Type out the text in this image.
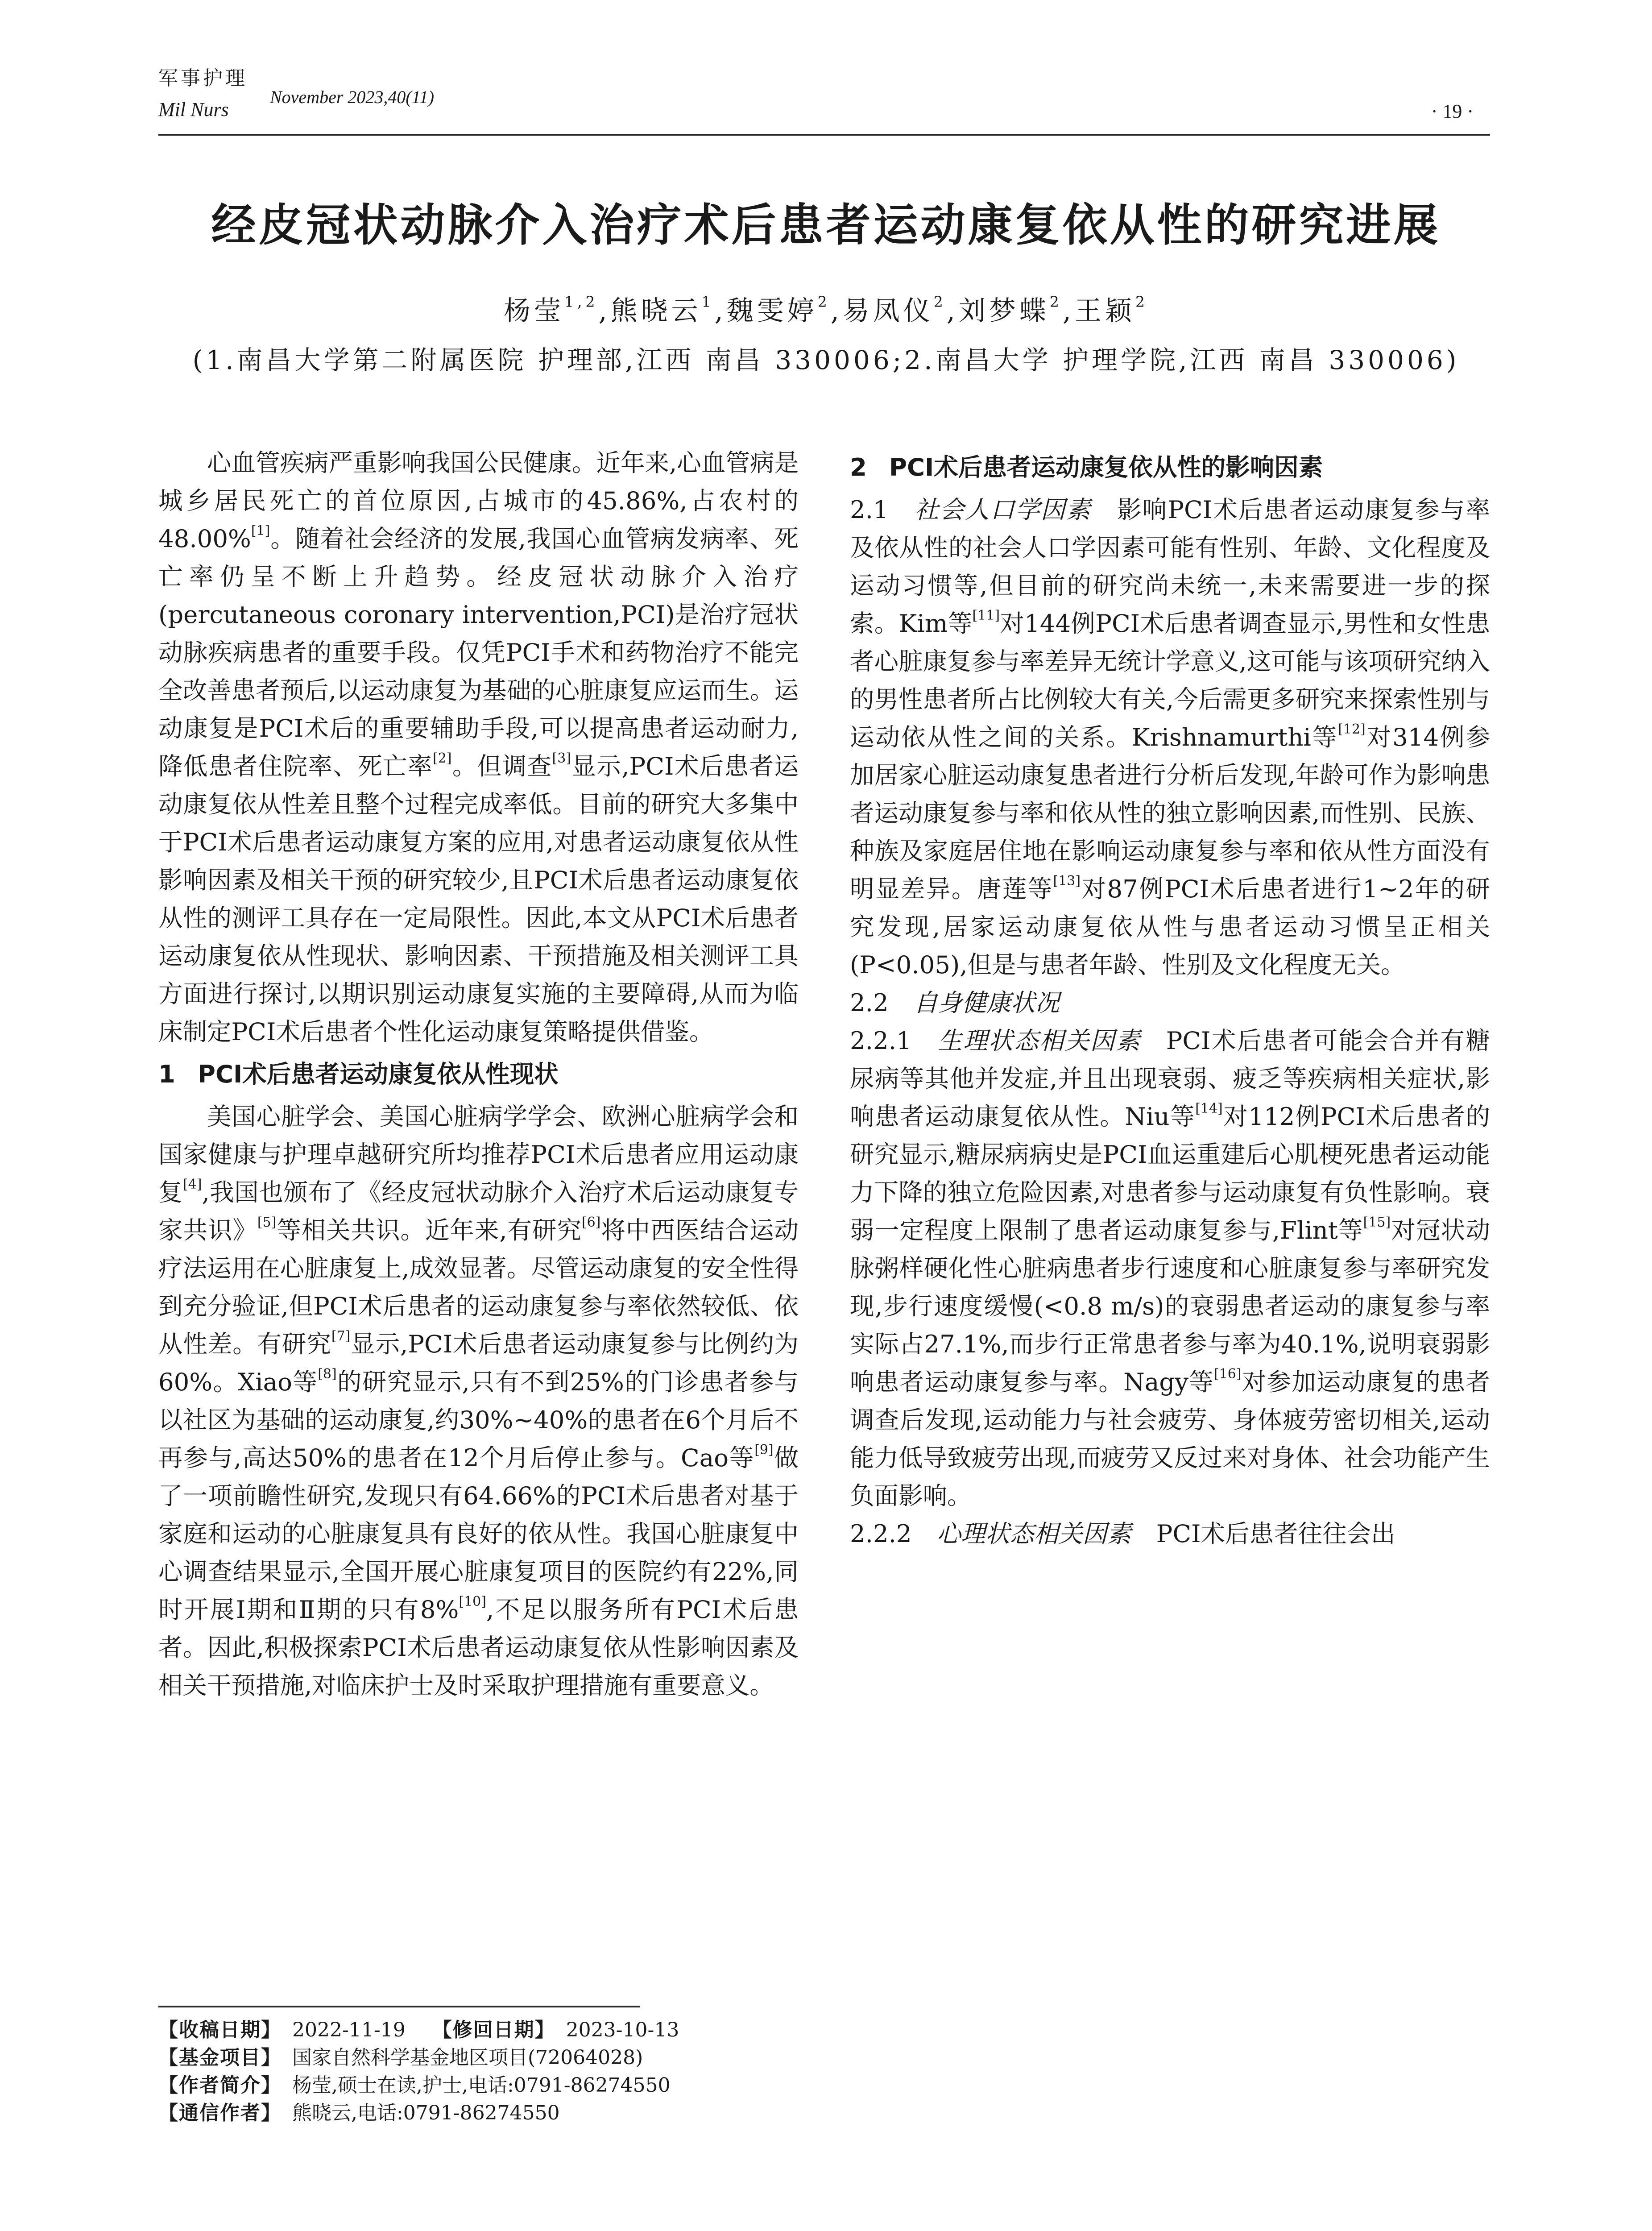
军事护理
Mil Nurs
November 2023,40(11)
· 19 ·
经皮冠状动脉介入治疗术后患者运动康复依从性的研究进展
杨莹$^{1,2}$,熊晓云$^1$,魏雯婷$^2$,易凤仪$^2$,刘梦蝶$^2$,王颖$^2$
(1.南昌大学第二附属医院 护理部,江西 南昌 330006;2.南昌大学 护理学院,江西 南昌 330006)

心血管疾病严重影响我国公民健康。近年来,心血管病是城乡居民死亡的首位原因,占城市的45.86%,占农村的48.00%[1]。随着社会经济的发展,我国心血管病发病率、死亡率仍呈不断上升趋势。经皮冠状动脉介入治疗(percutaneous coronary intervention,PCI)是治疗冠状动脉疾病患者的重要手段。仅凭PCI手术和药物治疗不能完全改善患者预后,以运动康复为基础的心脏康复应运而生。运动康复是PCI术后的重要辅助手段,可以提高患者运动耐力,降低患者住院率、死亡率[2]。但调查[3]显示,PCI术后患者运动康复依从性差且整个过程完成率低。目前的研究大多集中于PCI术后患者运动康复方案的应用,对患者运动康复依从性影响因素及相关干预的研究较少,且PCI术后患者运动康复依从性的测评工具存在一定局限性。因此,本文从PCI术后患者运动康复依从性现状、影响因素、干预措施及相关测评工具方面进行探讨,以期识别运动康复实施的主要障碍,从而为临床制定PCI术后患者个性化运动康复策略提供借鉴。

1 PCI术后患者运动康复依从性现状

美国心脏学会、美国心脏病学学会、欧洲心脏病学会和国家健康与护理卓越研究所均推荐PCI术后患者应用运动康复[4],我国也颁布了《经皮冠状动脉介入治疗术后运动康复专家共识》[5]等相关共识。近年来,有研究[6]将中西医结合运动疗法运用在心脏康复上,成效显著。尽管运动康复的安全性得到充分验证,但PCI术后患者的运动康复参与率依然较低、依从性差。有研究[7]显示,PCI术后患者运动康复参与比例约为60%。Xiao等[8]的研究显示,只有不到25%的门诊患者参与以社区为基础的运动康复,约30%~40%的患者在6个月后不再参与,高达50%的患者在12个月后停止参与。Cao等[9]做了一项前瞻性研究,发现只有64.66%的PCI术后患者对基于家庭和运动的心脏康复具有良好的依从性。我国心脏康复中心调查结果显示,全国开展心脏康复项目的医院约有22%,同时开展Ⅰ期和Ⅱ期的只有8%[10],不足以服务所有PCI术后患者。因此,积极探索PCI术后患者运动康复依从性影响因素及相关干预措施,对临床护士及时采取护理措施有重要意义。

2 PCI术后患者运动康复依从性的影响因素

2.1 社会人口学因素 影响PCI术后患者运动康复参与率及依从性的社会人口学因素可能有性别、年龄、文化程度及运动习惯等,但目前的研究尚未统一,未来需要进一步的探索。Kim等[11]对144例PCI术后患者调查显示,男性和女性患者心脏康复参与率差异无统计学意义,这可能与该项研究纳入的男性患者所占比例较大有关,今后需更多研究来探索性别与运动依从性之间的关系。Krishnamurthi等[12]对314例参加居家心脏运动康复患者进行分析后发现,年龄可作为影响患者运动康复参与率和依从性的独立影响因素,而性别、民族、种族及家庭居住地在影响运动康复参与率和依从性方面没有明显差异。唐莲等[13]对87例PCI术后患者进行1~2年的研究发现,居家运动康复依从性与患者运动习惯呈正相关(P<0.05),但是与患者年龄、性别及文化程度无关。

2.2 自身健康状况

2.2.1 生理状态相关因素 PCI术后患者可能会合并有糖尿病等其他并发症,并且出现衰弱、疲乏等疾病相关症状,影响患者运动康复依从性。Niu等[14]对112例PCI术后患者的研究显示,糖尿病病史是PCI血运重建后心肌梗死患者运动能力下降的独立危险因素,对患者参与运动康复有负性影响。衰弱一定程度上限制了患者运动康复参与,Flint等[15]对冠状动脉粥样硬化性心脏病患者步行速度和心脏康复参与率研究发现,步行速度缓慢(<0.8 m/s)的衰弱患者运动的康复参与率实际占27.1%,而步行正常患者参与率为40.1%,说明衰弱影响患者运动康复参与率。Nagy等[16]对参加运动康复的患者调查后发现,运动能力与社会疲劳、身体疲劳密切相关,运动能力低导致疲劳出现,而疲劳又反过来对身体、社会功能产生负面影响。

2.2.2 心理状态相关因素 PCI术后患者往往会出

【收稿日期】 2022-11-19 【修回日期】 2023-10-13
【基金项目】 国家自然科学基金地区项目(72064028)
【作者简介】 杨莹,硕士在读,护士,电话:0791-86274550
【通信作者】 熊晓云,电话:0791-86274550
